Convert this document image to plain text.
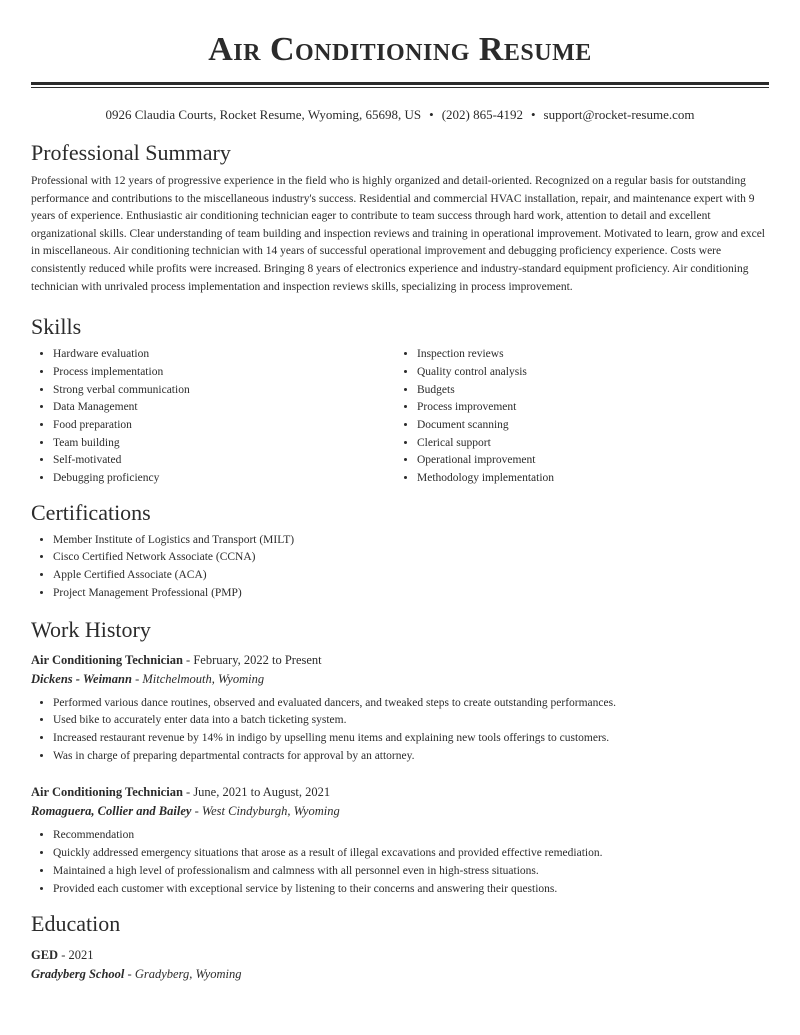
Air Conditioning Resume
0926 Claudia Courts, Rocket Resume, Wyoming, 65698, US • (202) 865-4192 • support@rocket-resume.com
Professional Summary

Professional with 12 years of progressive experience in the field who is highly organized and detail-oriented. Recognized on a regular basis for outstanding performance and contributions to the miscellaneous industry's success. Residential and commercial HVAC installation, repair, and maintenance expert with 9 years of experience. Enthusiastic air conditioning technician eager to contribute to team success through hard work, attention to detail and excellent organizational skills. Clear understanding of team building and inspection reviews and training in operational improvement. Motivated to learn, grow and excel in miscellaneous. Air conditioning technician with 14 years of successful operational improvement and debugging proficiency experience. Costs were consistently reduced while profits were increased. Bringing 8 years of electronics experience and industry-standard equipment proficiency. Air conditioning technician with unrivaled process implementation and inspection reviews skills, specializing in process improvement.

Skills
• Hardware evaluation
• Process implementation
• Strong verbal communication
• Data Management
• Food preparation
• Team building
• Self-motivated
• Debugging proficiency
• Inspection reviews
• Quality control analysis
• Budgets
• Process improvement
• Document scanning
• Clerical support
• Operational improvement
• Methodology implementation
Certifications
• Member Institute of Logistics and Transport (MILT)
• Cisco Certified Network Associate (CCNA)
• Apple Certified Associate (ACA)
• Project Management Professional (PMP)
Work History
Air Conditioning Technician - February, 2022 to Present
Dickens - Weimann - Mitchelmouth, Wyoming
• Performed various dance routines, observed and evaluated dancers, and tweaked steps to create outstanding performances.
• Used bike to accurately enter data into a batch ticketing system.
• Increased restaurant revenue by 14% in indigo by upselling menu items and explaining new tools offerings to customers.
• Was in charge of preparing departmental contracts for approval by an attorney.
Air Conditioning Technician - June, 2021 to August, 2021
Romaguera, Collier and Bailey - West Cindyburgh, Wyoming
• Recommendation
• Quickly addressed emergency situations that arose as a result of illegal excavations and provided effective remediation.
• Maintained a high level of professionalism and calmness with all personnel even in high-stress situations.
• Provided each customer with exceptional service by listening to their concerns and answering their questions.
Education
GED - 2021
Gradyberg School - Gradyberg, Wyoming
